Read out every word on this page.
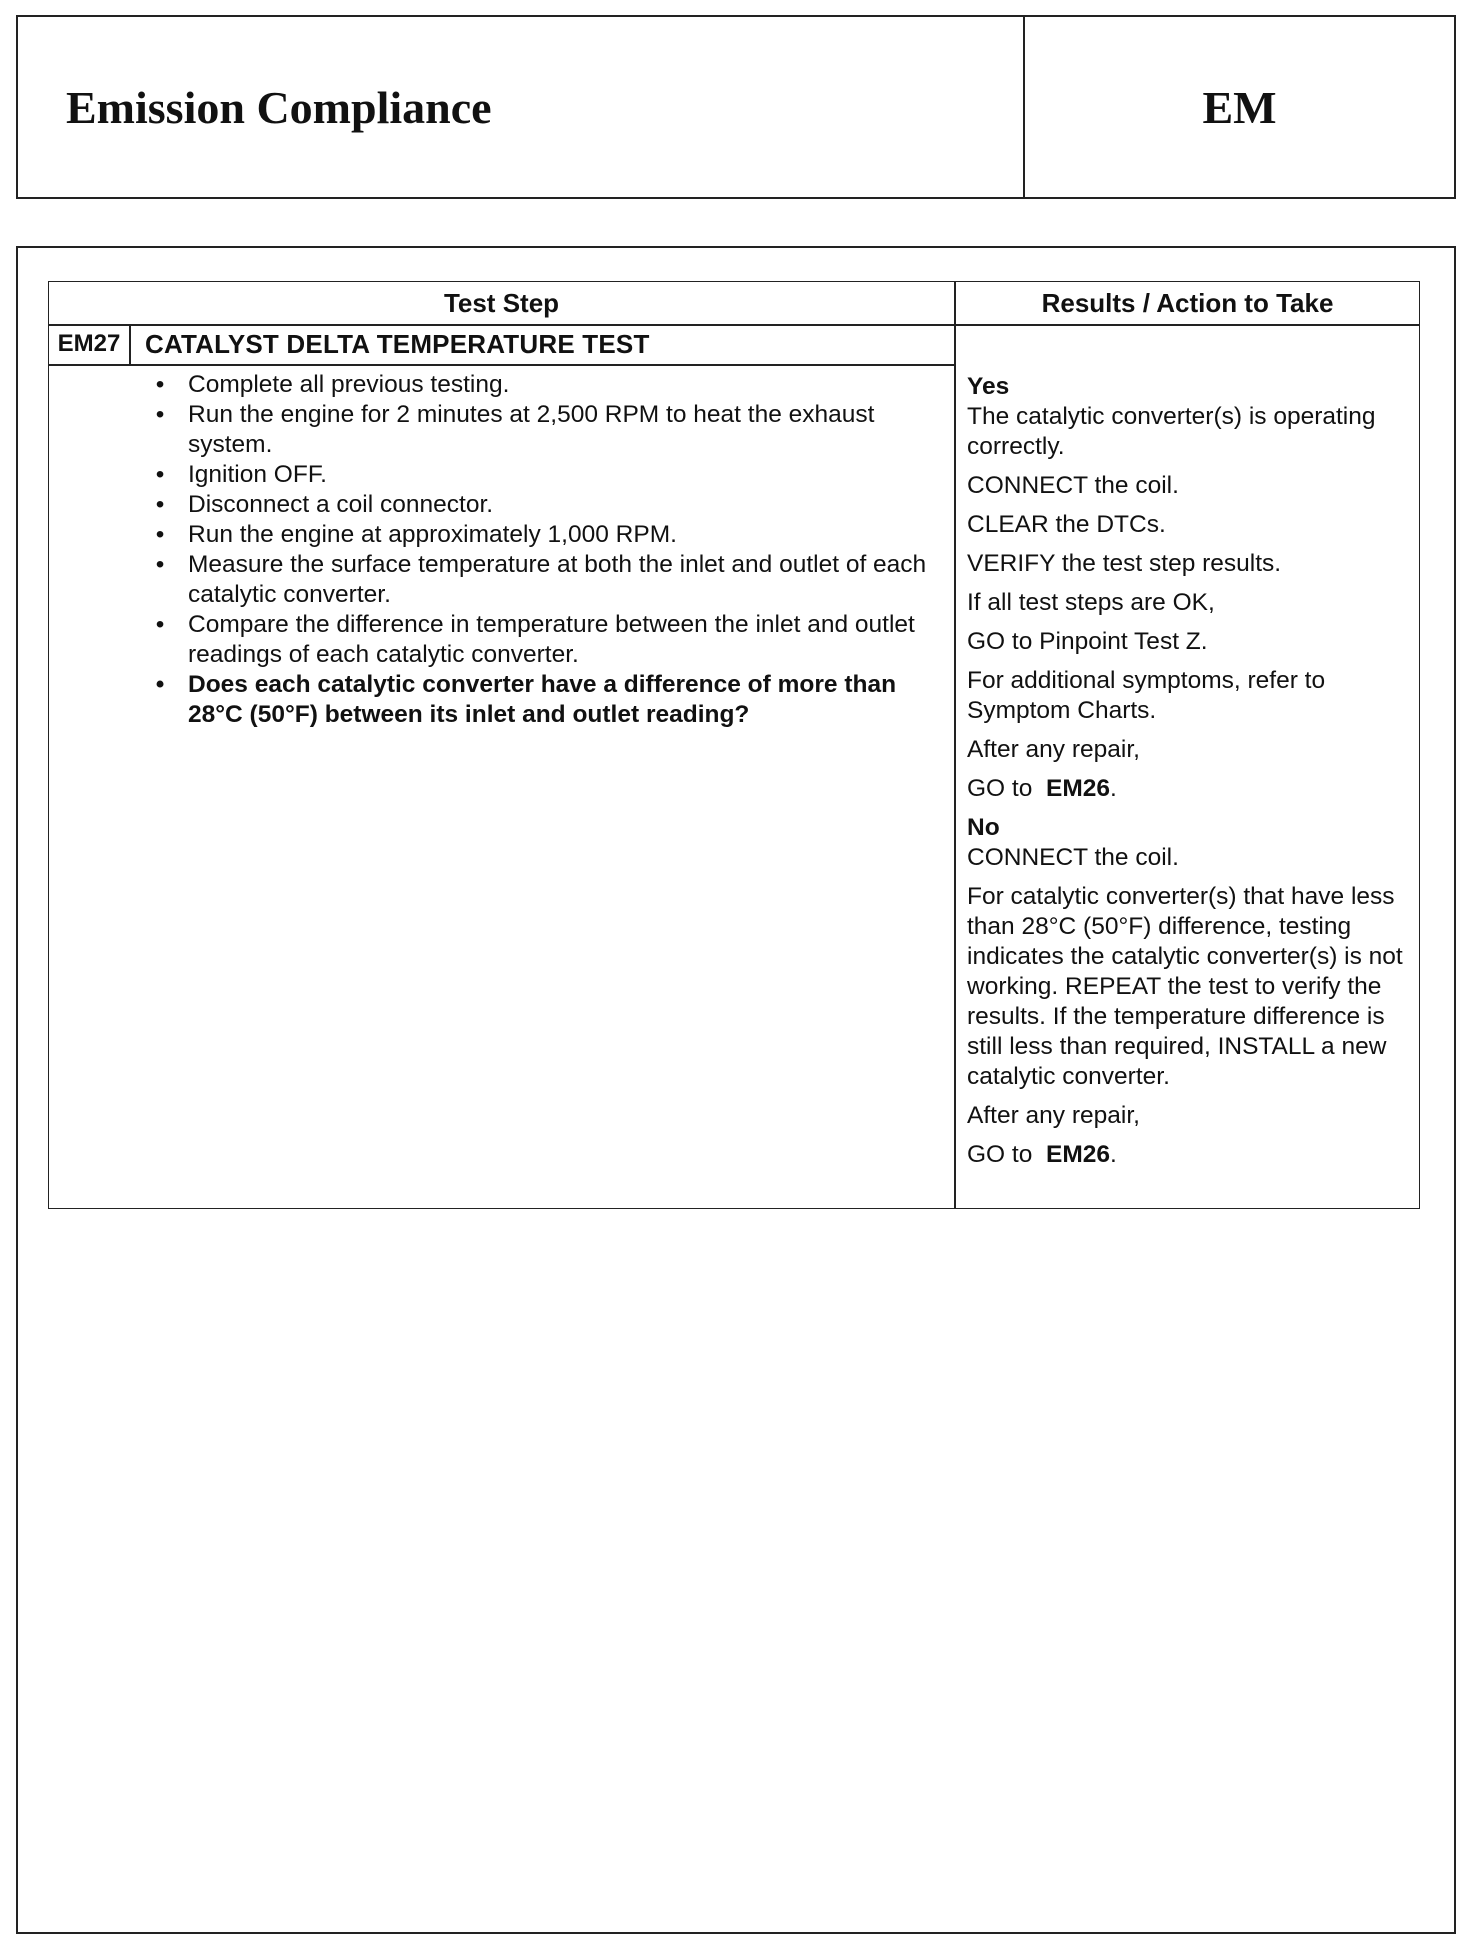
Emission Compliance	EM
Test Step	Results / Action to Take
EM27 CATALYST DELTA TEMPERATURE TEST
• Complete all previous testing.
• Run the engine for 2 minutes at 2,500 RPM to heat the exhaust system.
• Ignition OFF.
• Disconnect a coil connector.
• Run the engine at approximately 1,000 RPM.
• Measure the surface temperature at both the inlet and outlet of each catalytic converter.
• Compare the difference in temperature between the inlet and outlet readings of each catalytic converter.
• Does each catalytic converter have a difference of more than 28°C (50°F) between its inlet and outlet reading?
Yes
The catalytic converter(s) is operating correctly.
CONNECT the coil.
CLEAR the DTCs.
VERIFY the test step results.
If all test steps are OK,
GO to Pinpoint Test Z.
For additional symptoms, refer to Symptom Charts.
After any repair,
GO to EM26.
No
CONNECT the coil.
For catalytic converter(s) that have less than 28°C (50°F) difference, testing indicates the catalytic converter(s) is not working. REPEAT the test to verify the results. If the temperature difference is still less than required, INSTALL a new catalytic converter.
After any repair,
GO to EM26.
